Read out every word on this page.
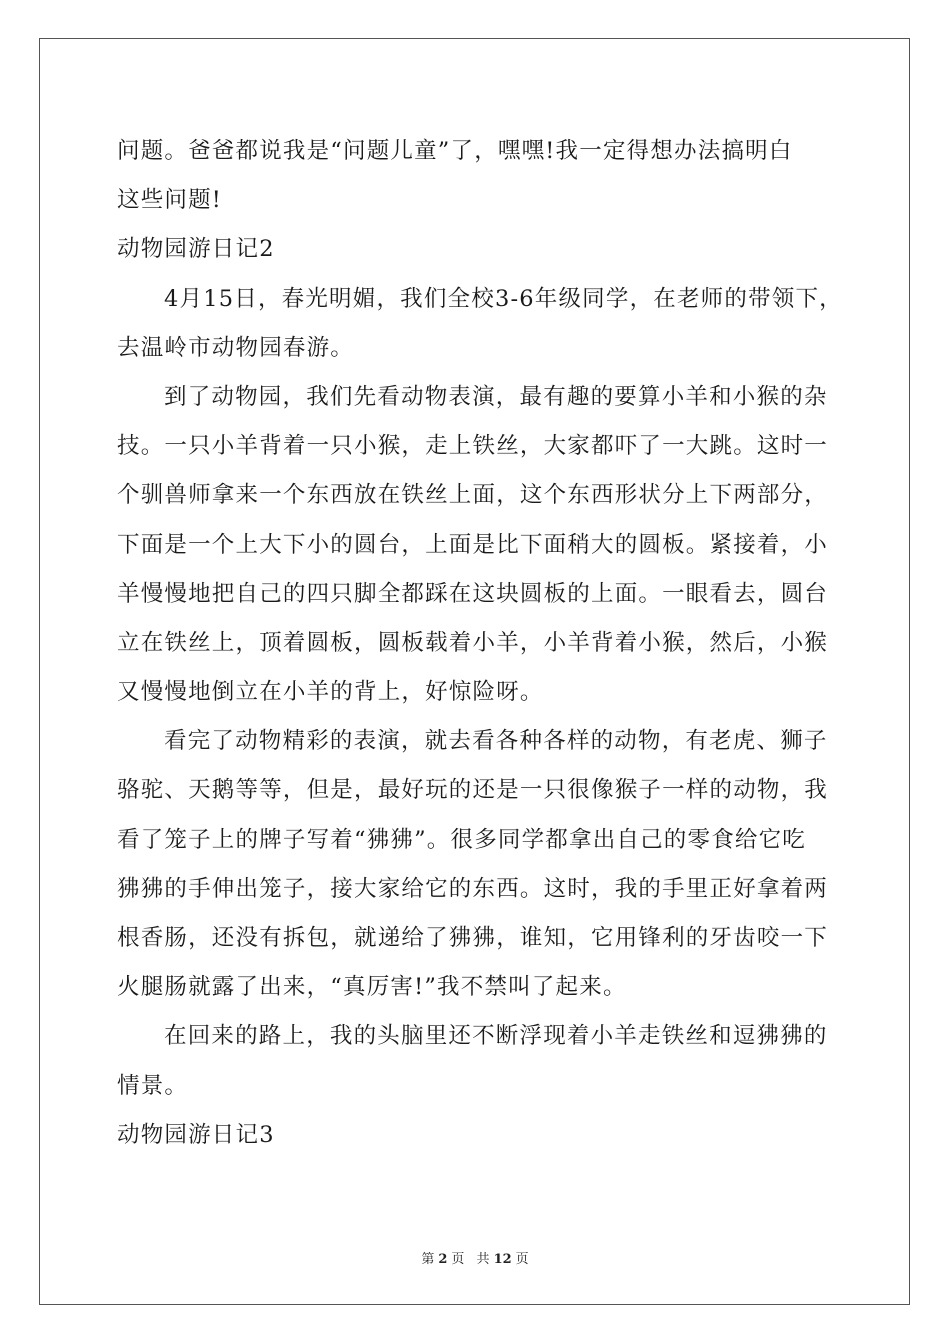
问题。爸爸都说我是“问题儿童”了，嘿嘿!我一定得想办法搞明白
这些问题!
动物园游日记2
4月15日，春光明媚，我们全校3-6年级同学，在老师的带领下，
去温岭市动物园春游。
到了动物园，我们先看动物表演，最有趣的要算小羊和小猴的杂
技。一只小羊背着一只小猴，走上铁丝，大家都吓了一大跳。这时一
个驯兽师拿来一个东西放在铁丝上面，这个东西形状分上下两部分，
下面是一个上大下小的圆台，上面是比下面稍大的圆板。紧接着，小
羊慢慢地把自己的四只脚全都踩在这块圆板的上面。一眼看去，圆台
立在铁丝上，顶着圆板，圆板载着小羊，小羊背着小猴，然后，小猴
又慢慢地倒立在小羊的背上，好惊险呀。
看完了动物精彩的表演，就去看各种各样的动物，有老虎、狮子
骆驼、天鹅等等，但是，最好玩的还是一只很像猴子一样的动物，我
看了笼子上的牌子写着“狒狒”。很多同学都拿出自己的零食给它吃
狒狒的手伸出笼子，接大家给它的东西。这时，我的手里正好拿着两
根香肠，还没有拆包，就递给了狒狒，谁知，它用锋利的牙齿咬一下
火腿肠就露了出来，“真厉害!”我不禁叫了起来。
在回来的路上，我的头脑里还不断浮现着小羊走铁丝和逗狒狒的
情景。
动物园游日记3
第 2 页 共 12 页
